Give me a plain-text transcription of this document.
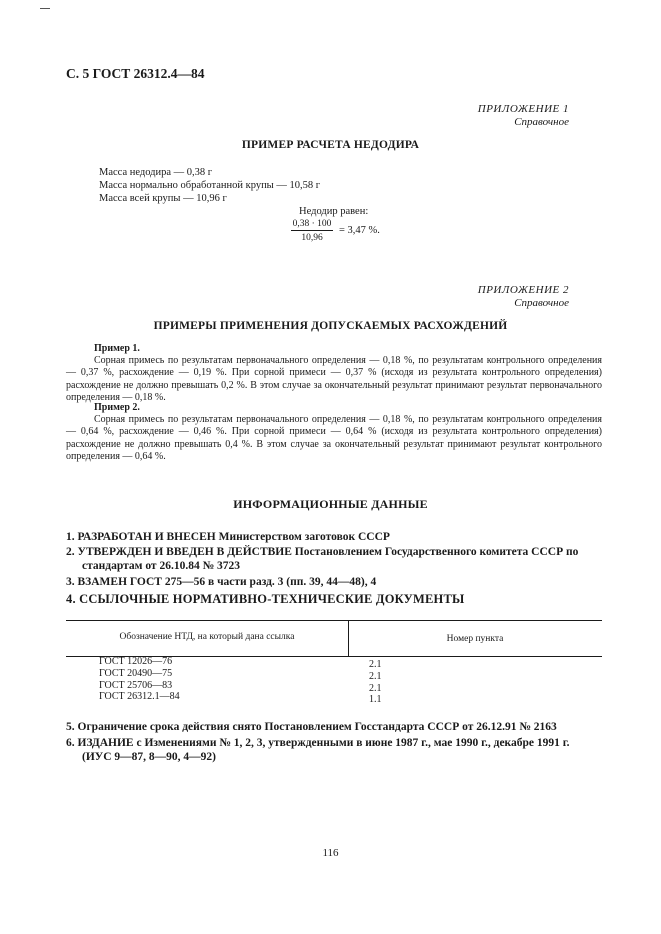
С. 5 ГОСТ 26312.4—84
ПРИЛОЖЕНИЕ 1
Справочное
ПРИМЕР РАСЧЕТА НЕДОДИРА
Масса недодира — 0,38 г
Масса нормально обработанной крупы — 10,58 г
Масса всей крупы — 10,96 г
Недодир равен:
0,38 · 100
10,96
= 3,47 %.
ПРИЛОЖЕНИЕ 2
Справочное
ПРИМЕРЫ ПРИМЕНЕНИЯ ДОПУСКАЕМЫХ РАСХОЖДЕНИЙ
Пример 1.

Сорная примесь по результатам первоначального определения — 0,18 %, по результатам контрольного определения — 0,37 %, расхождение — 0,19 %. При сорной примеси — 0,37 % (исходя из результата контрольного определения) расхождение не должно превышать 0,2 %. В этом случае за окончательный результат принимают результат первоначального определения — 0,18 %.

Пример 2.

Сорная примесь по результатам первоначального определения — 0,18 %, по результатам контрольного определения — 0,64 %, расхождение — 0,46 %. При сорной примеси — 0,64 % (исходя из результата контрольного определения) расхождение не должно превышать 0,4 %. В этом случае за окончательный результат принимают результат контрольного определения — 0,64 %.

ИНФОРМАЦИОННЫЕ ДАННЫЕ
1. РАЗРАБОТАН И ВНЕСЕН Министерством заготовок СССР
2. УТВЕРЖДЕН И ВВЕДЕН В ДЕЙСТВИЕ Постановлением Государственного комитета СССР по
стандартам от 26.10.84 № 3723
3. ВЗАМЕН ГОСТ 275—56 в части разд. 3 (пп. 39, 44—48), 4
4. ССЫЛОЧНЫЕ НОРМАТИВНО-ТЕХНИЧЕСКИЕ ДОКУМЕНТЫ
Обозначение НТД, на который дана ссылка	Номер пункта
ГОСТ 12026—76
ГОСТ 20490—75
ГОСТ 25706—83
ГОСТ 26312.1—84
2.1
2.1
2.1
1.1
5. Ограничение срока действия снято Постановлением Госстандарта СССР от 26.12.91 № 2163
6. ИЗДАНИЕ с Изменениями № 1, 2, 3, утвержденными в июне 1987 г., мае 1990 г., декабре 1991 г.
(ИУС 9—87, 8—90, 4—92)
116
